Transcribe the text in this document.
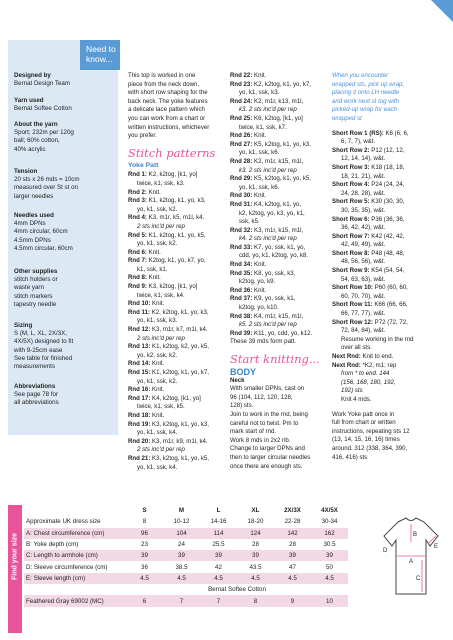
Need to know...
Designed by
Bernat Design Team
Yarn used
Bernat Softee Cotton
About the yarn
Sport; 232m per 120g
ball; 60% cotton,
40% acrylic
Tension
20 sts x 26 mds = 10cm
measured over St st on
larger needles
Needles used
4mm DPNs
4mm circular, 60cm
4.5mm DPNs
4.5mm circular, 60cm
Other supplies
stitch holders or
waste yarn
stitch markers
tapestry needle
Sizing
S (M, L, XL, 2X/3X,
4X/5X) designed to fit
with 9-25cm ease
See table for finished
measurements
Abbreviations
See page 78 for
all abbreviations
This top is worked in one
piece from the neck down,
with short row shaping for the
back neck. The yoke features
a delicate lace pattern which
you can work from a chart or
written instructions, whichever
you prefer.
Stitch patterns
Yoke Patt
Rnd 1: K2, k2tog, [k1, yo]
twice, k1, ssk, k3.
Rnd 2: Knit.
Rnd 3: K1, k2tog, k1, yo, k3,
yo, k1, ssk, k2.
Rnd 4: K3, m1r, k5, m1l, k4.
2 sts inc'd per rep
Rnd 5: K1, k2tog, k1, yo, k5,
yo, k1, ssk, k2.
Rnd 6: Knit.
Rnd 7: K2tog, k1, yo, k7, yo,
k1, ssk, k1.
Rnd 8: Knit.
Rnd 9: K3, k2tog, [k1, yo]
twice, k1, ssk, k4.
Rnd 10: Knit.
Rnd 11: K2, k2tog, k1, yo, k3,
yo, k1, ssk, k3.
Rnd 12: K3, m1r, k7, m1l, k4.
2 sts inc'd per rep
Rnd 13: K1, k2tog, k2, yo, k5,
yo, k2, ssk, k2.
Rnd 14: Knit.
Rnd 15: K1, k2tog, k1, yo, k7,
yo, k1, ssk, k2.
Rnd 16: Knit.
Rnd 17: K4, k2tog, [k1, yo]
twice, k1, ssk, k5.
Rnd 18: Knit.
Rnd 19: K3, k2tog, k1, yo, k3,
yo, k1, ssk, k4.
Rnd 20: K3, m1r, k9, m1l, k4.
2 sts inc'd per rep
Rnd 21: K3, k2tog, k1, yo, k5,
yo, k1, ssk, k4.
Rnd 22: Knit.
Rnd 23: K2, k2tog, k1, yo, k7,
yo, k1, ssk, k3.
Rnd 24: K2, m1r, k13, m1l,
k3. 2 sts inc'd per rep
Rnd 25: K6, k2tog, [k1, yo]
twice, k1, ssk, k7.
Rnd 26: Knit.
Rnd 27: K5, k2tog, k1, yo, k3,
yo, k1, ssk, k6.
Rnd 28: K2, m1r, k15, m1l,
k3. 2 sts inc'd per rep
Rnd 29: K5, k2tog, k1, yo, k5,
yo, k1, ssk, k6.
Rnd 30: Knit.
Rnd 31: K4, k2tog, k1, yo,
k2, k2tog, yo, k3, yo, k1,
ssk, k5.
Rnd 32: K3, m1r, k15, m1l,
k4. 2 sts inc'd per rep
Rnd 33: K7, yo, ssk, k1, yo,
cdd, yo, k1, k2tog, yo, k8.
Rnd 34: Knit.
Rnd 35: K8, yo, ssk, k3,
k2tog, yo, k9.
Rnd 36: Knit.
Rnd 37: K9, yo, ssk, k1,
k2tog, yo, k10.
Rnd 38: K4, m1r, k15, m1l,
k5. 2 sts inc'd per rep
Rnd 39: K11, yo, cdd, yo, k12.
These 39 mds form patt.
Start knitting...
BODY
Neck
With smaller DPNs, cast on
96 (104, 112, 120, 128,
128) sts.
Join to work in the rnd, being
careful not to twist. Pm to
mark start of rnd.
Work 8 mds in 2x2 rib.
Change to larger DPNs and
then to larger circular needles
once there are enough sts.
When you encounter
wrapped sts, pick up wrap,
placing it onto LH needle
and work next st tog with
picked-up wrap for each
wrapped st
Short Row 1 (RS): K6 (6, 6,
6, 7, 7), w&t.
Short Row 2: P12 (12, 12,
12, 14, 14), w&t.
Short Row 3: K18 (18, 18,
18, 21, 21), w&t.
Short Row 4: P24 (24, 24,
24, 28, 28), w&t.
Short Row 5: K30 (30, 30,
30, 35, 35), w&t.
Short Row 6: P36 (36, 36,
36, 42, 42), w&t.
Short Row 7: K42 (42, 42,
42, 49, 49), w&t.
Short Row 8: P48 (48, 48,
48, 56, 56), w&t.
Short Row 9: K54 (54, 54,
54, 63, 63), w&t.
Short Row 10: P60 (60, 60,
60, 70, 70), w&t.
Short Row 11: K66 (66, 66,
66, 77, 77), w&t.
Short Row 12: P72 (72, 72,
72, 84, 84), w&t.
Resume working in the rnd
over all sts.
Next Rnd: Knit to end.
Next Rnd: *K2, m1; rep
from * to end. 144
(156, 168, 180, 192,
192) sts
Knit 4 mds.
Work Yoke patt once in
full from chart or written
instructions, repeating sts 12
(13, 14, 15, 16, 16) times
around. 312 (338, 364, 390,
416, 416) sts
Find your size
	S	M	L	XL	2X/3X	4X/5X
Approximate UK dress size	8	10-12	14-16	18-20	22-28	30-34
A: Chest circumference (cm)	96	104	114	124	142	162
B: Yoke depth (cm)	23	24	25.5	28	28	30.5
C: Length to armhole (cm)	39	39	39	39	39	39
D: Sleeve circumference (cm)	36	38.5	42	43.5	47	50
E: Sleeve length (cm)	4.5	4.5	4.5	4.5	4.5	4.5
	Bernat Softee Cotton					
Feathered Gray 69002 (MC)	6	7	7	8	9	10
B
A
D
E
C
